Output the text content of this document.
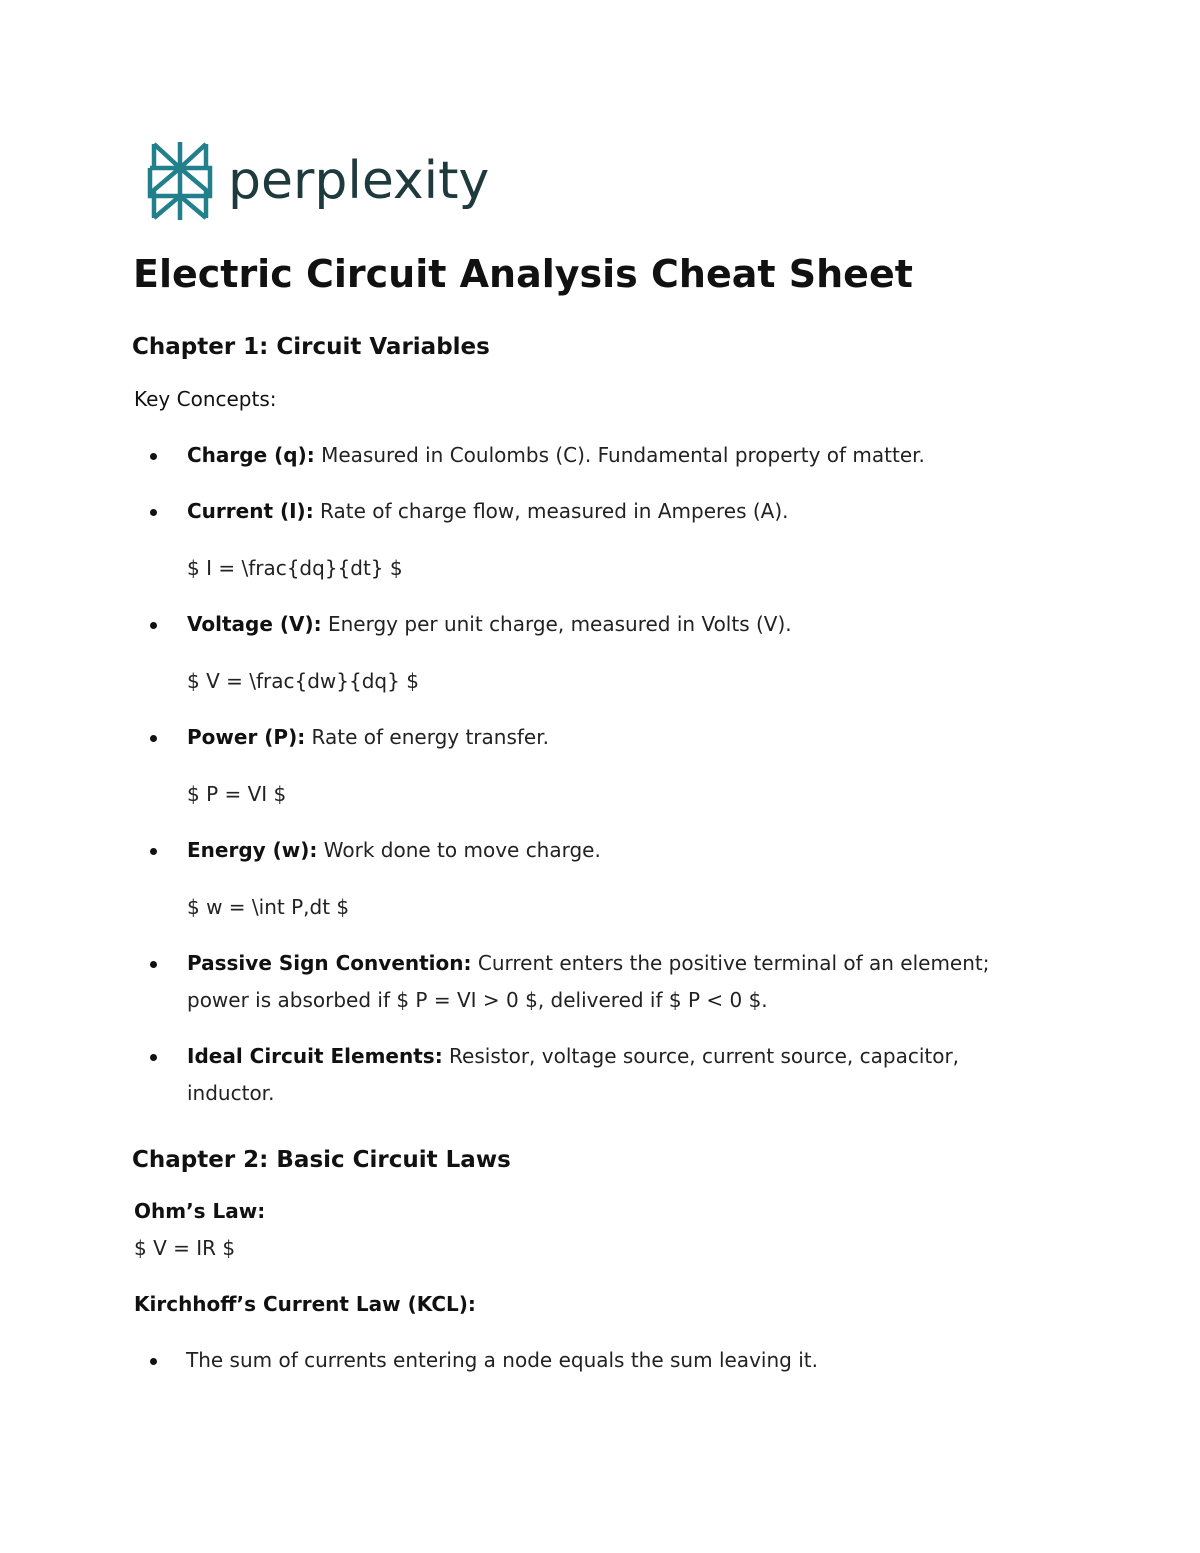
perplexity
Electric Circuit Analysis Cheat Sheet
Chapter 1: Circuit Variables
Key Concepts:
Charge (q): Measured in Coulombs (C). Fundamental property of matter.
Current (I): Rate of charge flow, measured in Amperes (A).
$ I = \frac{dq}{dt} $
Voltage (V): Energy per unit charge, measured in Volts (V).
$ V = \frac{dw}{dq} $
Power (P): Rate of energy transfer.
$ P = VI $
Energy (w): Work done to move charge.
$ w = \int P,dt $
Passive Sign Convention: Current enters the positive terminal of an element;
power is absorbed if $ P = VI > 0 $, delivered if $ P < 0 $.
Ideal Circuit Elements: Resistor, voltage source, current source, capacitor,
inductor.
Chapter 2: Basic Circuit Laws
Ohm’s Law:
$ V = IR $
Kirchhoff’s Current Law (KCL):
The sum of currents entering a node equals the sum leaving it.
